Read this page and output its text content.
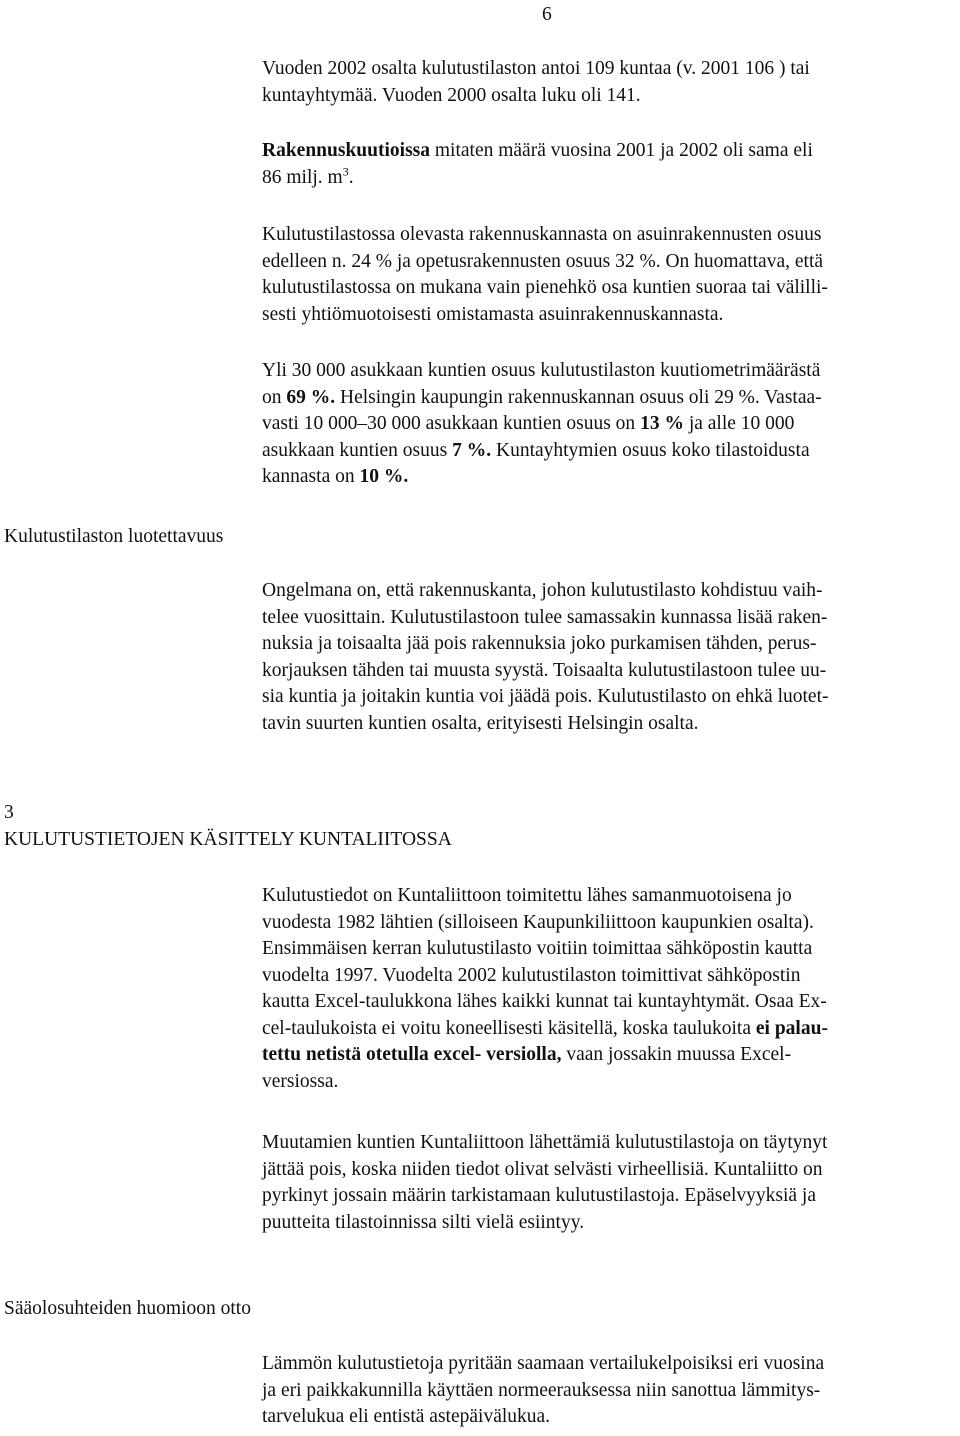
6
Vuoden 2002 osalta kulutustilaston antoi 109 kuntaa (v. 2001 106 ) tai
kuntayhtymää. Vuoden 2000 osalta luku oli 141.
Rakennuskuutioissa mitaten määrä vuosina 2001 ja 2002 oli sama eli
86 milj. $m^3$.
Kulutustilastossa olevasta rakennuskannasta on asuinrakennusten osuus
edelleen n. 24 % ja opetusrakennusten osuus 32 %. On huomattava, että
kulutustilastossa on mukana vain pienehkö osa kuntien suoraa tai välilli-
sesti yhtiömuotoisesti omistamasta asuinrakennuskannasta.
Yli 30 000 asukkaan kuntien osuus kulutustilaston kuutiometrimäärästä
on 69 %. Helsingin kaupungin rakennuskannan osuus oli 29 %. Vastaa-
vasti 10 000–30 000 asukkaan kuntien osuus on 13 % ja alle 10 000
asukkaan kuntien osuus 7 %. Kuntayhtymien osuus koko tilastoidusta
kannasta on 10 %.
Kulutustilaston luotettavuus
Ongelmana on, että rakennuskanta, johon kulutustilasto kohdistuu vaih-
telee vuosittain. Kulutustilastoon tulee samassakin kunnassa lisää raken-
nuksia ja toisaalta jää pois rakennuksia joko purkamisen tähden, perus-
korjauksen tähden tai muusta syystä. Toisaalta kulutustilastoon tulee uu-
sia kuntia ja joitakin kuntia voi jäädä pois. Kulutustilasto on ehkä luotet-
tavin suurten kuntien osalta, erityisesti Helsingin osalta.
3
KULUTUSTIETOJEN KÄSITTELY KUNTALIITOSSA
Kulutustiedot on Kuntaliittoon toimitettu lähes samanmuotoisena jo
vuodesta 1982 lähtien (silloiseen Kaupunkiliittoon kaupunkien osalta).
Ensimmäisen kerran kulutustilasto voitiin toimittaa sähköpostin kautta
vuodelta 1997. Vuodelta 2002 kulutustilaston toimittivat sähköpostin
kautta Excel-taulukkona lähes kaikki kunnat tai kuntayhtymät. Osaa Ex-
cel-taulukoista ei voitu koneellisesti käsitellä, koska taulukoita ei palau-
tettu netistä otetulla excel- versiolla, vaan jossakin muussa Excel-
versiossa.
Muutamien kuntien Kuntaliittoon lähettämiä kulutustilastoja on täytynyt
jättää pois, koska niiden tiedot olivat selvästi virheellisiä. Kuntaliitto on
pyrkinyt jossain määrin tarkistamaan kulutustilastoja. Epäselvyyksiä ja
puutteita tilastoinnissa silti vielä esiintyy.
Sääolosuhteiden huomioon otto
Lämmön kulutustietoja pyritään saamaan vertailukelpoisiksi eri vuosina
ja eri paikkakunnilla käyttäen normeerauksessa niin sanottua lämmitys-
tarvelukua eli entistä astepäivälukua.
